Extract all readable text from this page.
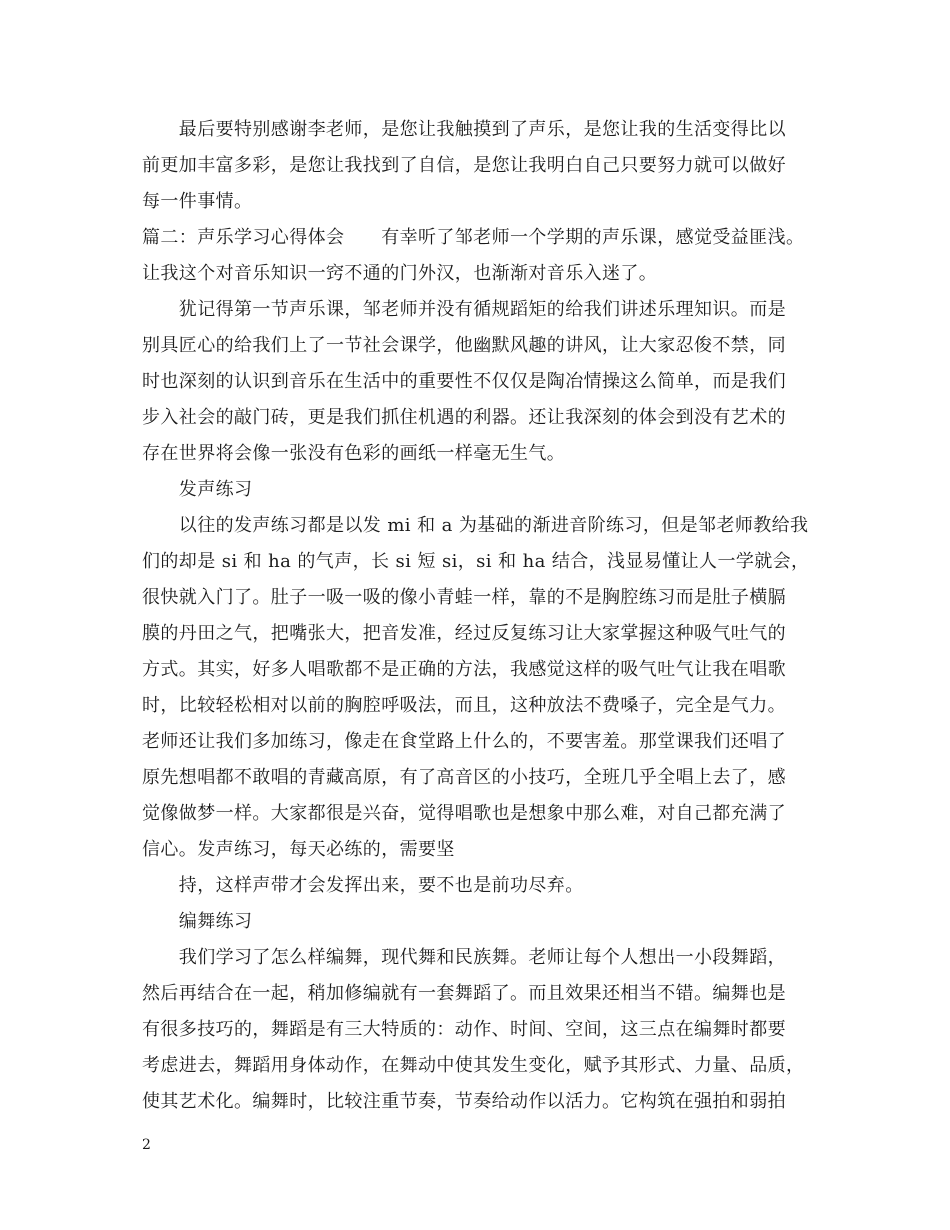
　　最后要特别感谢李老师，是您让我触摸到了声乐，是您让我的生活变得比以
前更加丰富多彩，是您让我找到了自信，是您让我明白自己只要努力就可以做好
每一件事情。
篇二：声乐学习心得体会　　有幸听了邹老师一个学期的声乐课，感觉受益匪浅。
让我这个对音乐知识一窍不通的门外汉，也渐渐对音乐入迷了。
　　犹记得第一节声乐课，邹老师并没有循规蹈矩的给我们讲述乐理知识。而是
别具匠心的给我们上了一节社会课学，他幽默风趣的讲风，让大家忍俊不禁，同
时也深刻的认识到音乐在生活中的重要性不仅仅是陶冶情操这么简单，而是我们
步入社会的敲门砖，更是我们抓住机遇的利器。还让我深刻的体会到没有艺术的
存在世界将会像一张没有色彩的画纸一样毫无生气。
　　发声练习
　　以往的发声练习都是以发 mi 和 a 为基础的渐进音阶练习，但是邹老师教给我
们的却是 si 和 ha 的气声，长 si 短 si，si 和 ha 结合，浅显易懂让人一学就会，
很快就入门了。肚子一吸一吸的像小青蛙一样，靠的不是胸腔练习而是肚子横膈
膜的丹田之气，把嘴张大，把音发准，经过反复练习让大家掌握这种吸气吐气的
方式。其实，好多人唱歌都不是正确的方法，我感觉这样的吸气吐气让我在唱歌
时，比较轻松相对以前的胸腔呼吸法，而且，这种放法不费嗓子，完全是气力。
老师还让我们多加练习，像走在食堂路上什么的，不要害羞。那堂课我们还唱了
原先想唱都不敢唱的青藏高原，有了高音区的小技巧，全班几乎全唱上去了，感
觉像做梦一样。大家都很是兴奋，觉得唱歌也是想象中那么难，对自己都充满了
信心。发声练习，每天必练的，需要坚
　　持，这样声带才会发挥出来，要不也是前功尽弃。
　　编舞练习
　　我们学习了怎么样编舞，现代舞和民族舞。老师让每个人想出一小段舞蹈，
然后再结合在一起，稍加修编就有一套舞蹈了。而且效果还相当不错。编舞也是
有很多技巧的，舞蹈是有三大特质的：动作、时间、空间，这三点在编舞时都要
考虑进去，舞蹈用身体动作，在舞动中使其发生变化，赋予其形式、力量、品质，
使其艺术化。编舞时，比较注重节奏，节奏给动作以活力。它构筑在强拍和弱拍
2
